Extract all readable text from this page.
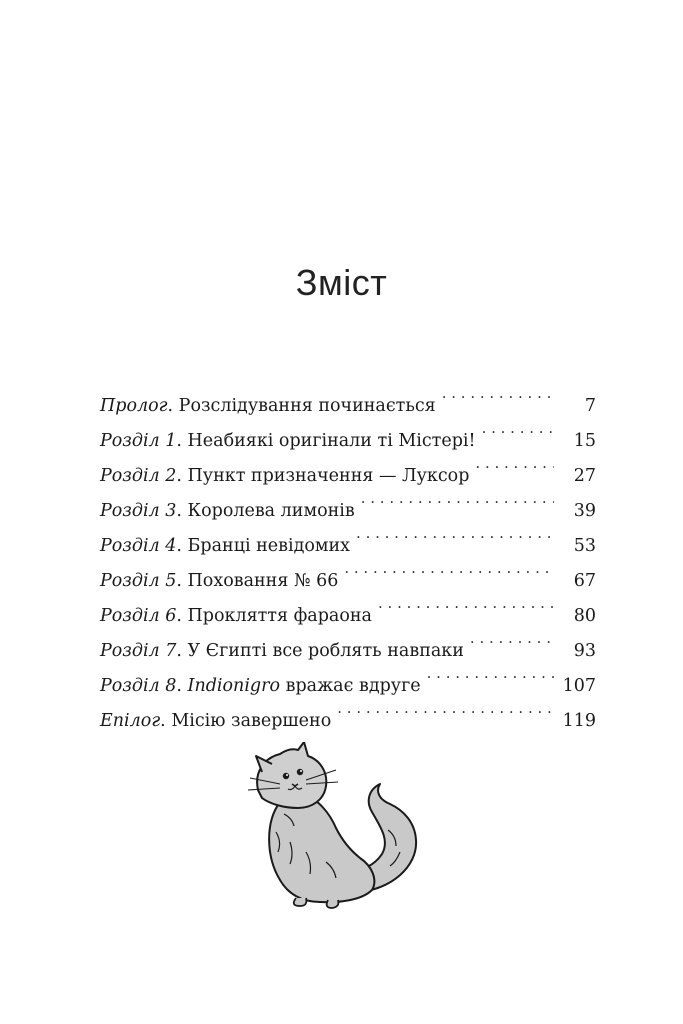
Зміст
Пролог. Розслідування починається . . .	7
Розділ 1. Неабиякі оригінали ті Містері! . . .	15
Розділ 2. Пункт призначення — Луксор . . .	27
Розділ 3. Королева лимонів . . .	39
Розділ 4. Бранці невідомих . . .	53
Розділ 5. Поховання № 66 . . .	67
Розділ 6. Прокляття фараона . . .	80
Розділ 7. У Єгипті все роблять навпаки . . .	93
Розділ 8. Indionigro вражає вдруге . . .	107
Епілог. Місію завершено . . .	119
